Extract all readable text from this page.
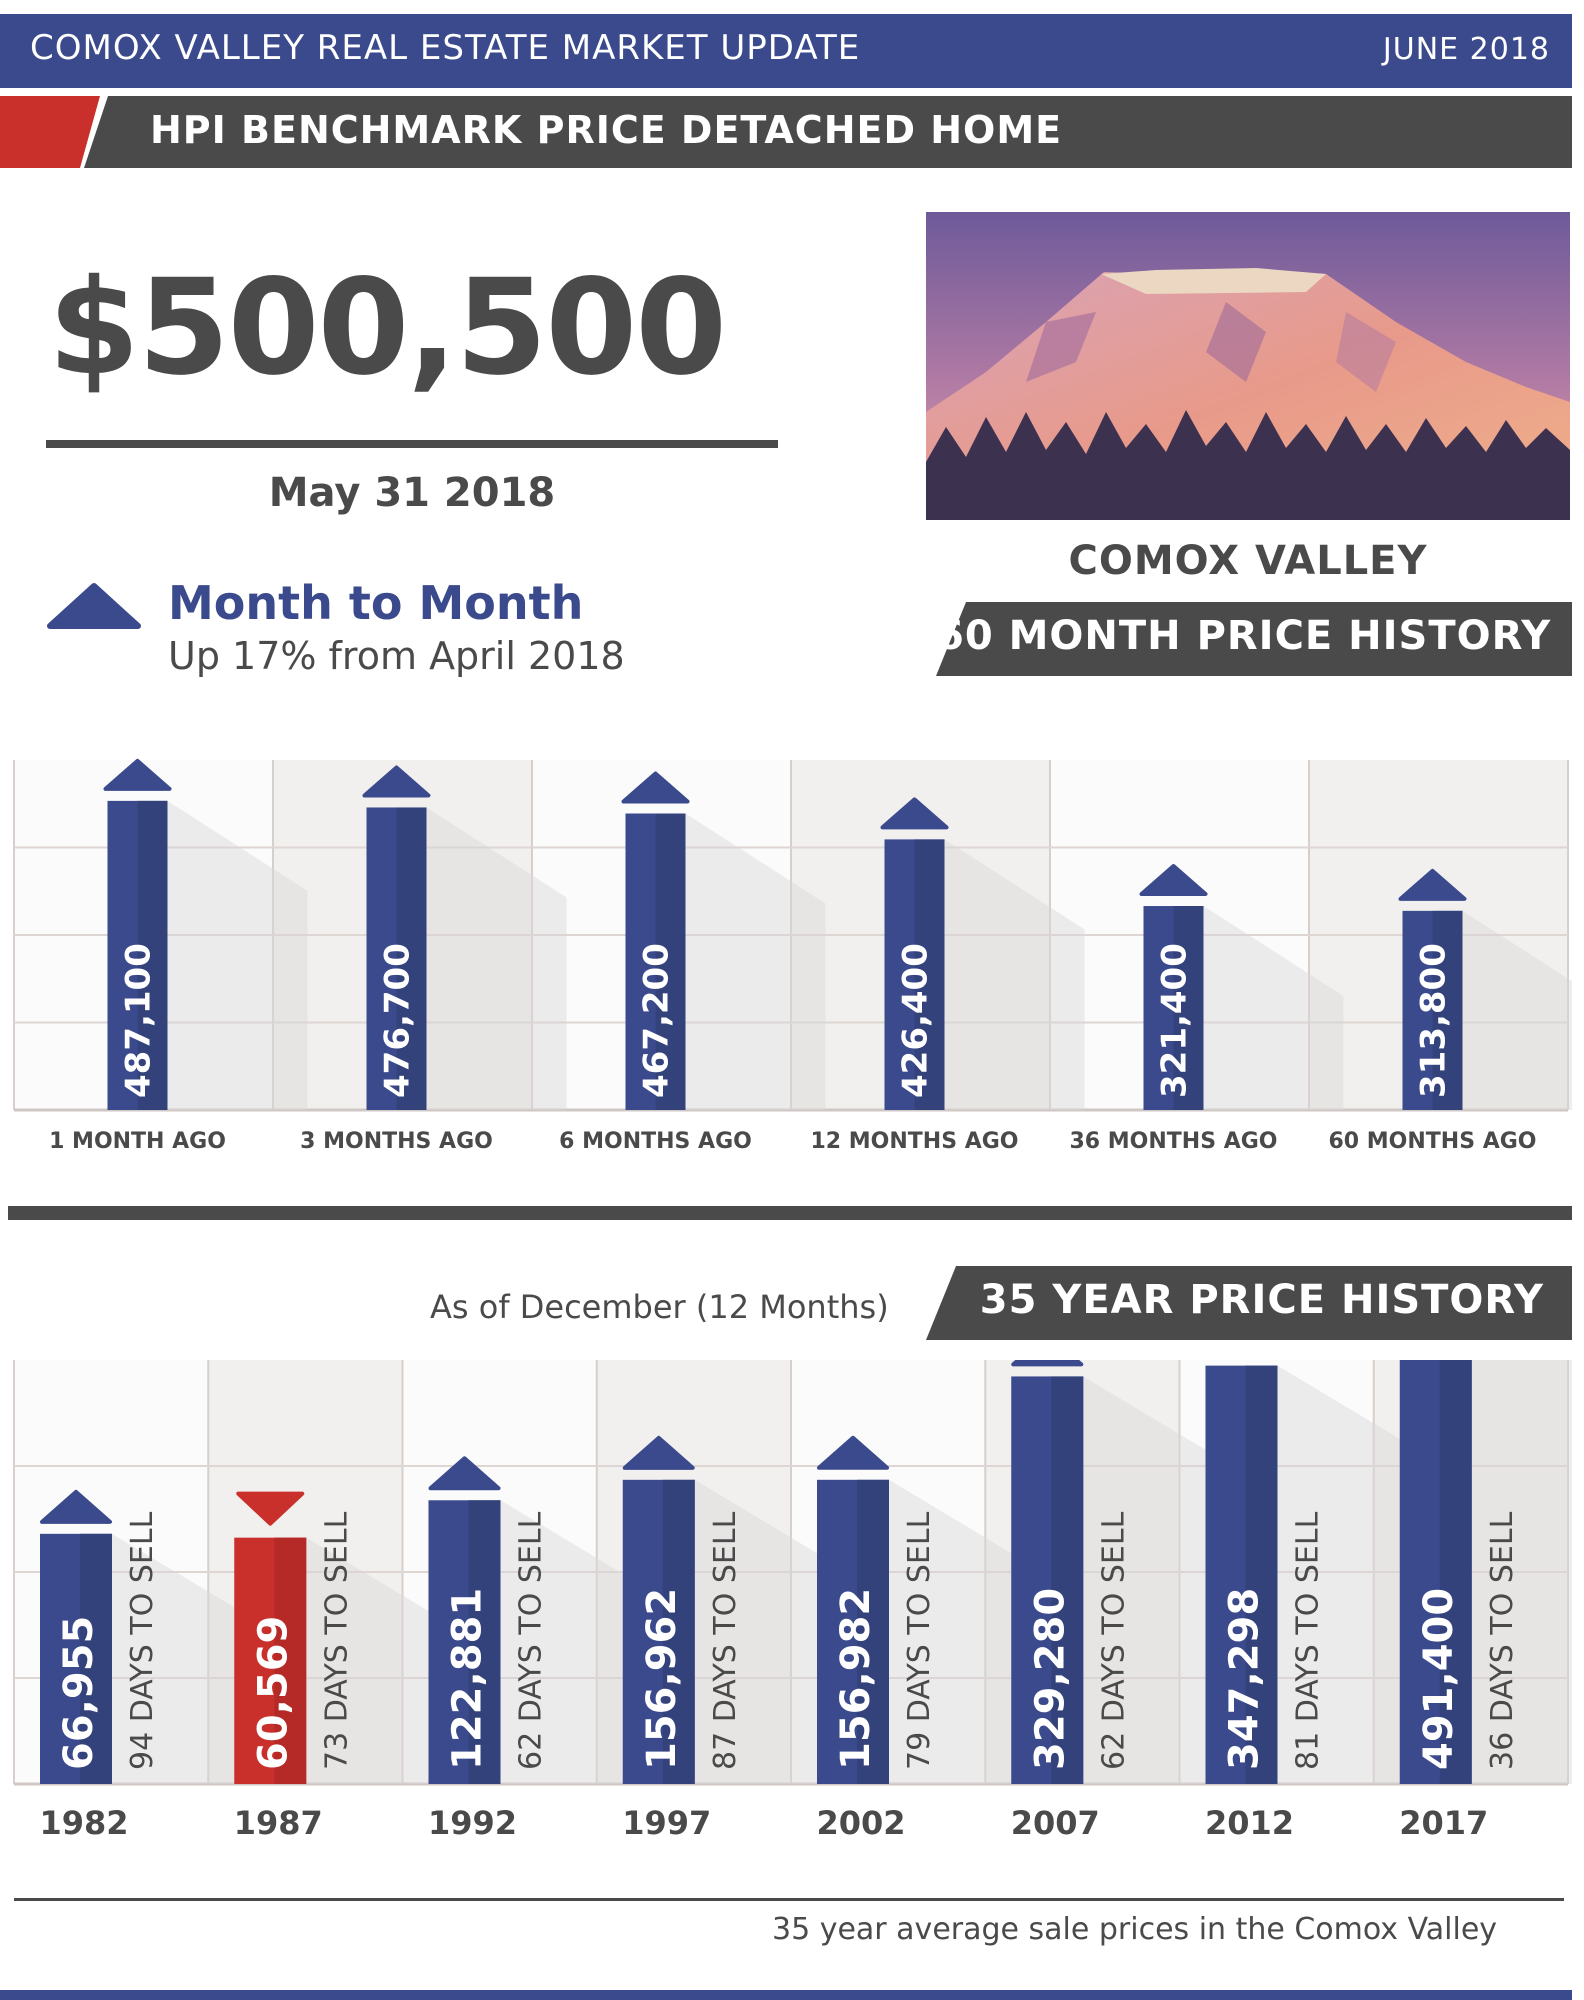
COMOX VALLEY REAL ESTATE MARKET UPDATE	JUNE 2018
HPI BENCHMARK PRICE DETACHED HOME
$500,500
May 31 2018
Month to Month
Up 17% from April 2018
COMOX VALLEY
60 MONTH PRICE HISTORY
487,100
1 MONTH AGO
476,700
3 MONTHS AGO
467,200
6 MONTHS AGO
426,400
12 MONTHS AGO
321,400
36 MONTHS AGO
313,800
60 MONTHS AGO
As of December (12 Months)	35 YEAR PRICE HISTORY
66,955 94 DAYS TO SELL
1982
60,569 73 DAYS TO SELL
1987
122,881 62 DAYS TO SELL
1992
156,962 87 DAYS TO SELL
1997
156,982 79 DAYS TO SELL
2002
329,280 62 DAYS TO SELL
2007
347,298 81 DAYS TO SELL
2012
491,400 36 DAYS TO SELL
2017
35 year average sale prices in the Comox Valley
